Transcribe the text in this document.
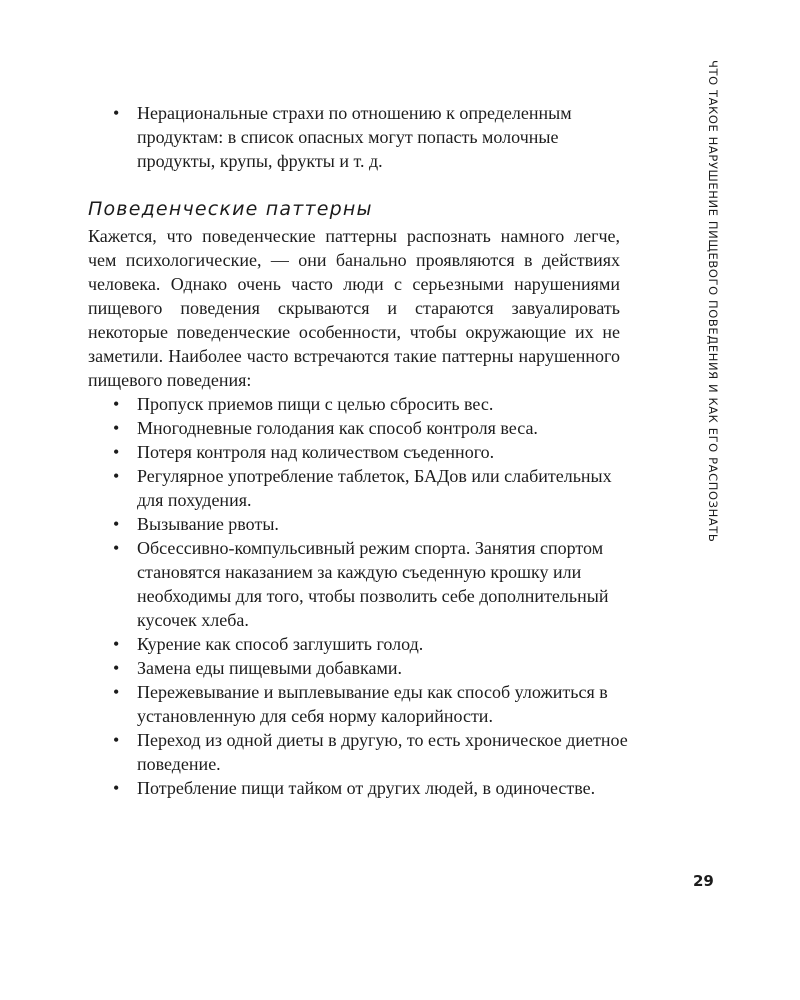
ЧТО ТАКОЕ НАРУШЕНИЕ ПИЩЕВОГО ПОВЕДЕНИЯ И КАК ЕГО РАСПОЗНАТЬ
• Нерациональные страхи по отношению к определенным продуктам: в список опасных могут попасть молочные продукты, крупы, фрукты и т. д.
Поведенческие паттерны

Кажется, что поведенческие паттерны распознать намного легче, чем психологические, — они банально проявляются в действиях человека. Однако очень часто люди с серьезными нарушениями пищевого поведения скрываются и стараются завуалировать некоторые поведенческие особенности, чтобы окружающие их не заметили. Наиболее часто встречаются такие паттерны нарушенного пищевого поведения:

• Пропуск приемов пищи с целью сбросить вес.
• Многодневные голодания как способ контроля веса.
• Потеря контроля над количеством съеденного.
• Регулярное употребление таблеток, БАДов или слабительных для похудения.
• Вызывание рвоты.
• Обсессивно-компульсивный режим спорта. Занятия спортом становятся наказанием за каждую съеденную крошку или необходимы для того, чтобы позволить себе дополнительный кусочек хлеба.
• Курение как способ заглушить голод.
• Замена еды пищевыми добавками.
• Пережевывание и выплевывание еды как способ уложиться в установленную для себя норму калорийности.
• Переход из одной диеты в другую, то есть хроническое диетное поведение.
• Потребление пищи тайком от других людей, в одиночестве.
29
